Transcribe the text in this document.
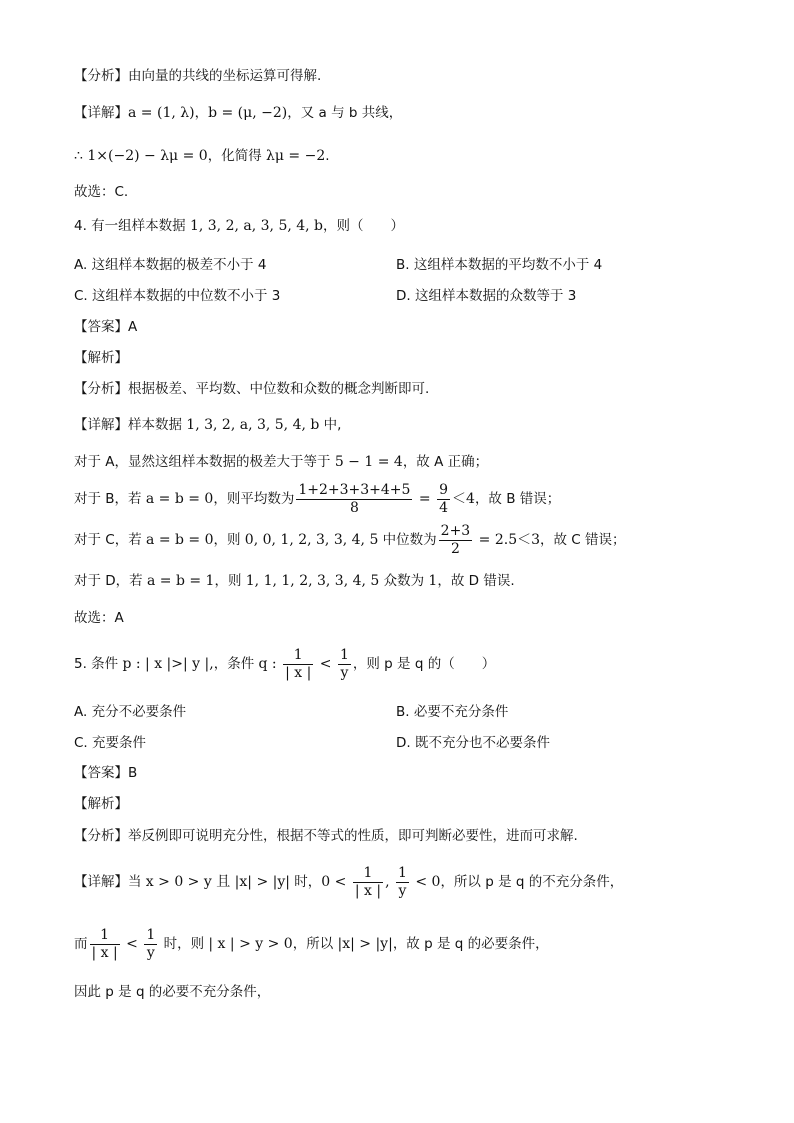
【分析】由向量的共线的坐标运算可得解.
【详解】a = (1, λ)，b = (μ, −2)，又 a 与 b 共线，
∴ 1×(−2) − λμ = 0，化简得 λμ = −2.
故选：C.
4. 有一组样本数据 1, 3, 2, a, 3, 5, 4, b，则（　　）
A. 这组样本数据的极差不小于 4	B. 这组样本数据的平均数不小于 4
C. 这组样本数据的中位数不小于 3	D. 这组样本数据的众数等于 3
【答案】A
【解析】
【分析】根据极差、平均数、中位数和众数的概念判断即可.
【详解】样本数据 1, 3, 2, a, 3, 5, 4, b 中,
对于 A，显然这组样本数据的极差大于等于 5 − 1 = 4，故 A 正确；
对于 B，若 a = b = 0，则平均数为 $\frac{1+2+3+3+4+5}{8} = \frac{9}{4} <4$，故 B 错误；
对于 C，若 a = b = 0，则 0, 0, 1, 2, 3, 3, 4, 5 中位数为 $\frac{2+3}{2} = 2.5<3$，故 C 错误；
对于 D，若 a = b = 1，则 1, 1, 1, 2, 3, 3, 4, 5 众数为 1，故 D 错误.
故选：A
5. 条件 p : | x |>| y |,，条件 q : $\frac{1}{| x |} < \frac{1}{y}$ ，则 p 是 q 的（　　）
A. 充分不必要条件	B. 必要不充分条件
C. 充要条件	D. 既不充分也不必要条件
【答案】B
【解析】
【分析】举反例即可说明充分性，根据不等式的性质，即可判断必要性，进而可求解.
【详解】当 x > 0 > y 且 |x| > |y| 时，$0 < \frac{1}{| x |}$ , $\frac{1}{y} < 0$，所以 p 是 q 的不充分条件，
而 $\frac{1}{| x |} < \frac{1}{y}$ 时，则 | x | > y > 0，所以 |x| > |y|，故 p 是 q 的必要条件，
因此 p 是 q 的必要不充分条件，
